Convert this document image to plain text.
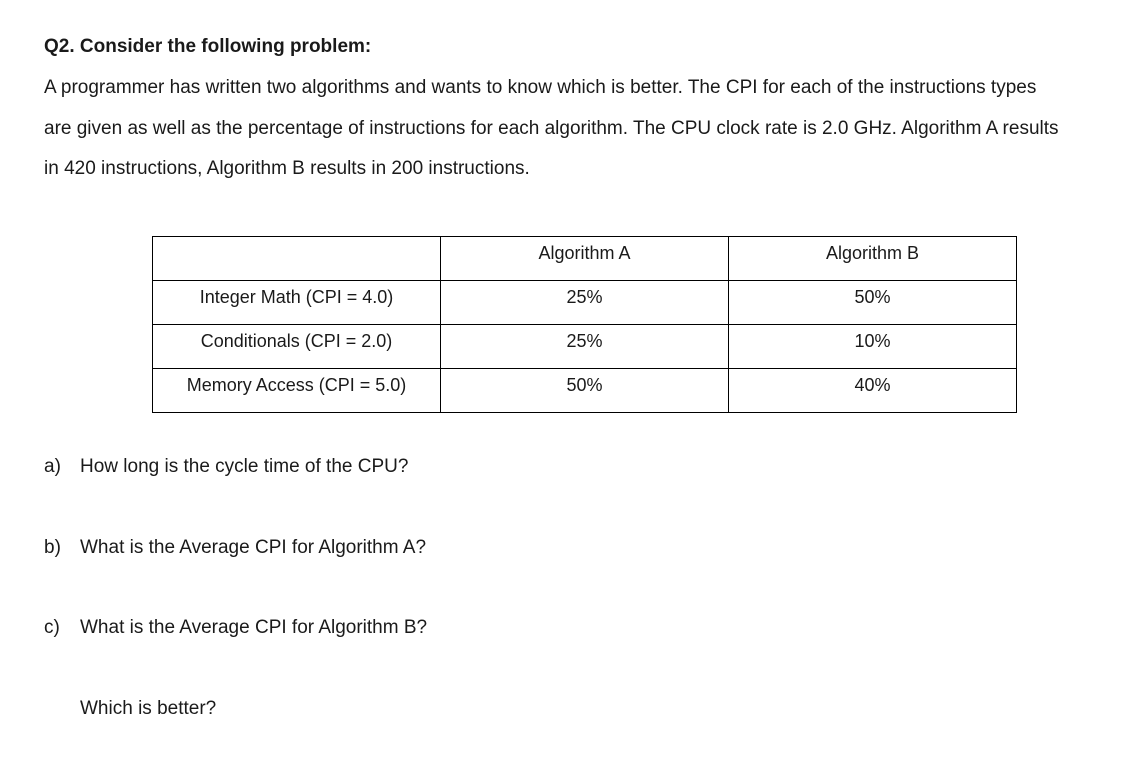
Q2. Consider the following problem:
A programmer has written two algorithms and wants to know which is better. The CPI for each of the instructions types
are given as well as the percentage of instructions for each algorithm. The CPU clock rate is 2.0 GHz. Algorithm A results
in 420 instructions, Algorithm B results in 200 instructions.
	Algorithm A	Algorithm B
Integer Math (CPI = 4.0)	25%	50%
Conditionals (CPI = 2.0)	25%	10%
Memory Access (CPI = 5.0)	50%	40%
a) How long is the cycle time of the CPU?
b) What is the Average CPI for Algorithm A?
c) What is the Average CPI for Algorithm B?
Which is better?
